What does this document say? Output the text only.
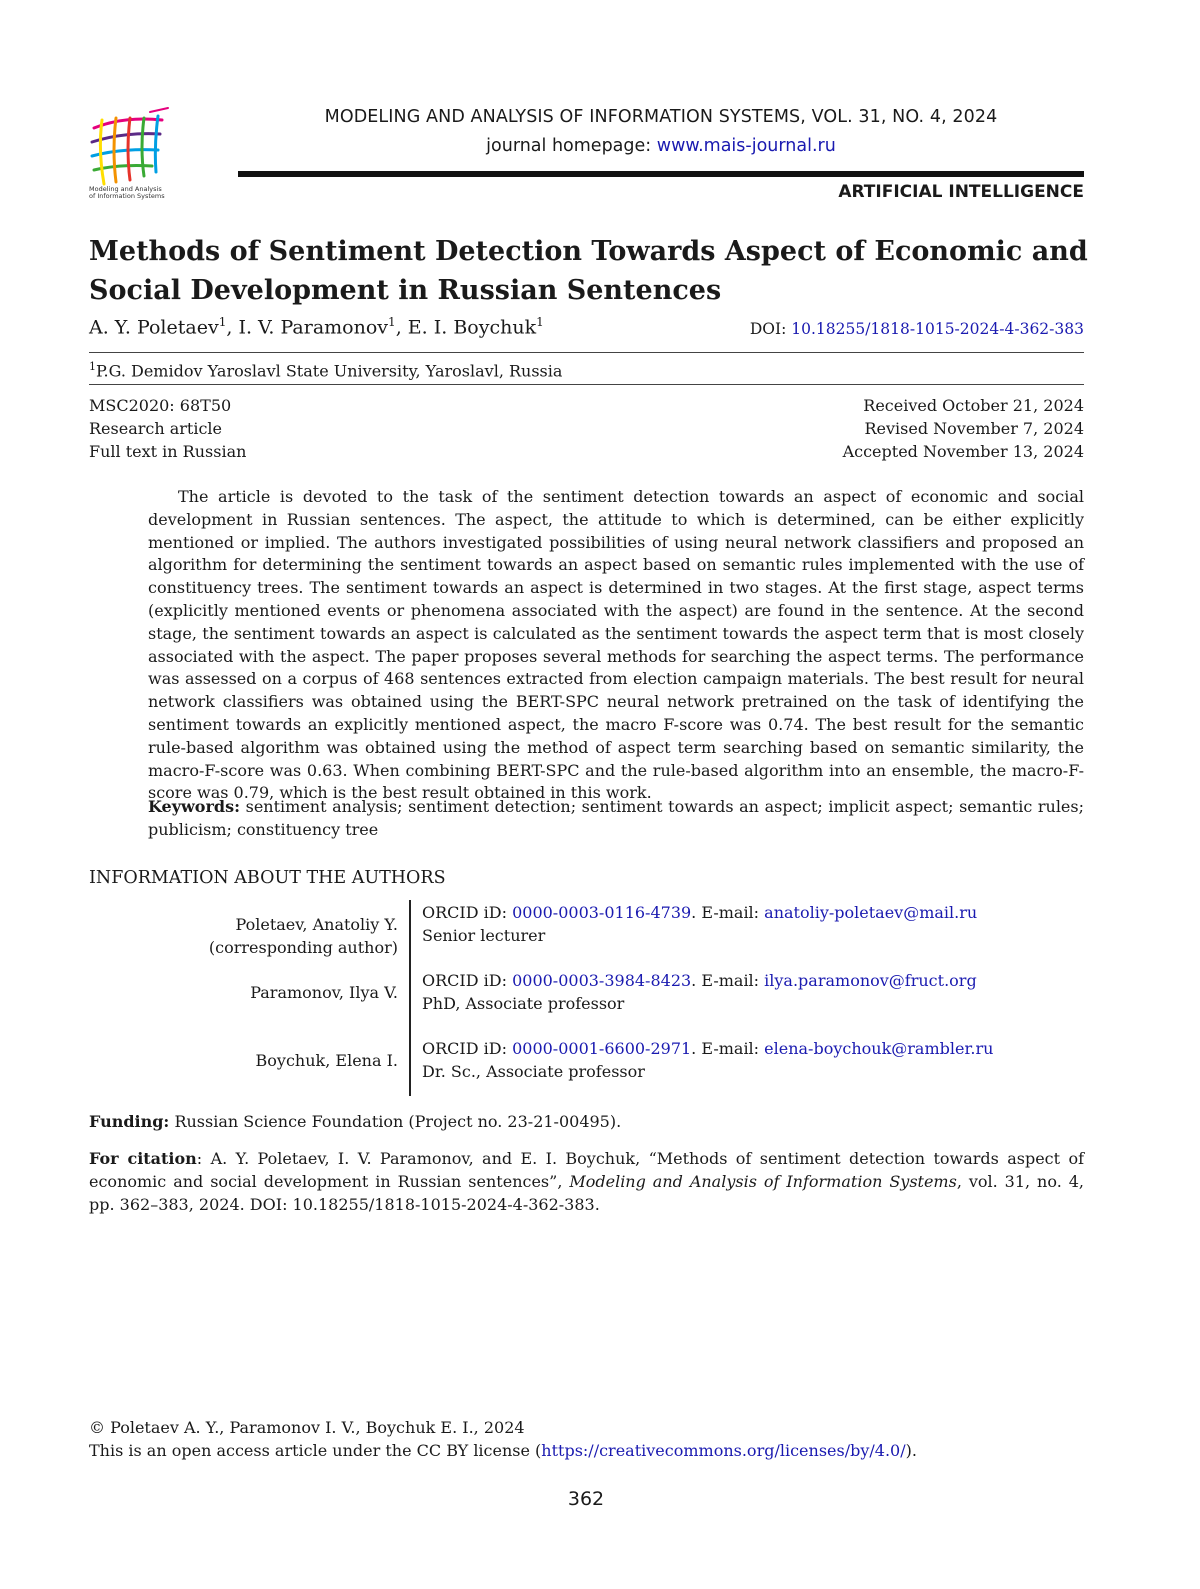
Modeling and Analysis
of Information Systems
MODELING AND ANALYSIS OF INFORMATION SYSTEMS, VOL. 31, NO. 4, 2024
journal homepage: www.mais-journal.ru
ARTIFICIAL INTELLIGENCE
Methods of Sentiment Detection Towards Aspect of Economic and Social Development in Russian Sentences
A. Y. Poletaev$^1$, I. V. Paramonov$^1$, E. I. Boychuk$^1$	DOI: 10.18255/1818-1015-2024-4-362-383
$^1$P.G. Demidov Yaroslavl State University, Yaroslavl, Russia
MSC2020: 68T50
Research article
Full text in Russian
Received October 21, 2024
Revised November 7, 2024
Accepted November 13, 2024

The article is devoted to the task of the sentiment detection towards an aspect of economic and social development in Russian sentences. The aspect, the attitude to which is determined, can be either explicitly mentioned or implied. The authors investigated possibilities of using neural network classifiers and proposed an algorithm for determining the sentiment towards an aspect based on semantic rules implemented with the use of constituency trees. The sentiment towards an aspect is determined in two stages. At the first stage, aspect terms (explicitly mentioned events or phenomena associated with the aspect) are found in the sentence. At the second stage, the sentiment towards an aspect is calculated as the sentiment towards the aspect term that is most closely associated with the aspect. The paper proposes several methods for searching the aspect terms. The performance was assessed on a corpus of 468 sentences extracted from election campaign materials. The best result for neural network classifiers was obtained using the BERT-SPC neural network pretrained on the task of identifying the sentiment towards an explicitly mentioned aspect, the macro F-score was 0.74. The best result for the semantic rule-based algorithm was obtained using the method of aspect term searching based on semantic similarity, the macro-F-score was 0.63. When combining BERT-SPC and the rule-based algorithm into an ensemble, the macro-F-score was 0.79, which is the best result obtained in this work.

Keywords: sentiment analysis; sentiment detection; sentiment towards an aspect; implicit aspect; semantic rules; publicism; constituency tree

INFORMATION ABOUT THE AUTHORS
Poletaev, Anatoliy Y.
(corresponding author)
ORCID iD: 0000-0003-0116-4739. E-mail: anatoliy-poletaev@mail.ru
Senior lecturer
Paramonov, Ilya V.
ORCID iD: 0000-0003-3984-8423. E-mail: ilya.paramonov@fruct.org
PhD, Associate professor
Boychuk, Elena I.
ORCID iD: 0000-0001-6600-2971. E-mail: elena-boychouk@rambler.ru
Dr. Sc., Associate professor
Funding: Russian Science Foundation (Project no. 23-21-00495).

For citation: A. Y. Poletaev, I. V. Paramonov, and E. I. Boychuk, “Methods of sentiment detection towards aspect of economic and social development in Russian sentences”, Modeling and Analysis of Information Systems, vol. 31, no. 4, pp. 362–383, 2024. DOI: 10.18255/1818-1015-2024-4-362-383.

© Poletaev A. Y., Paramonov I. V., Boychuk E. I., 2024
This is an open access article under the CC BY license (https://creativecommons.org/licenses/by/4.0/).
362
